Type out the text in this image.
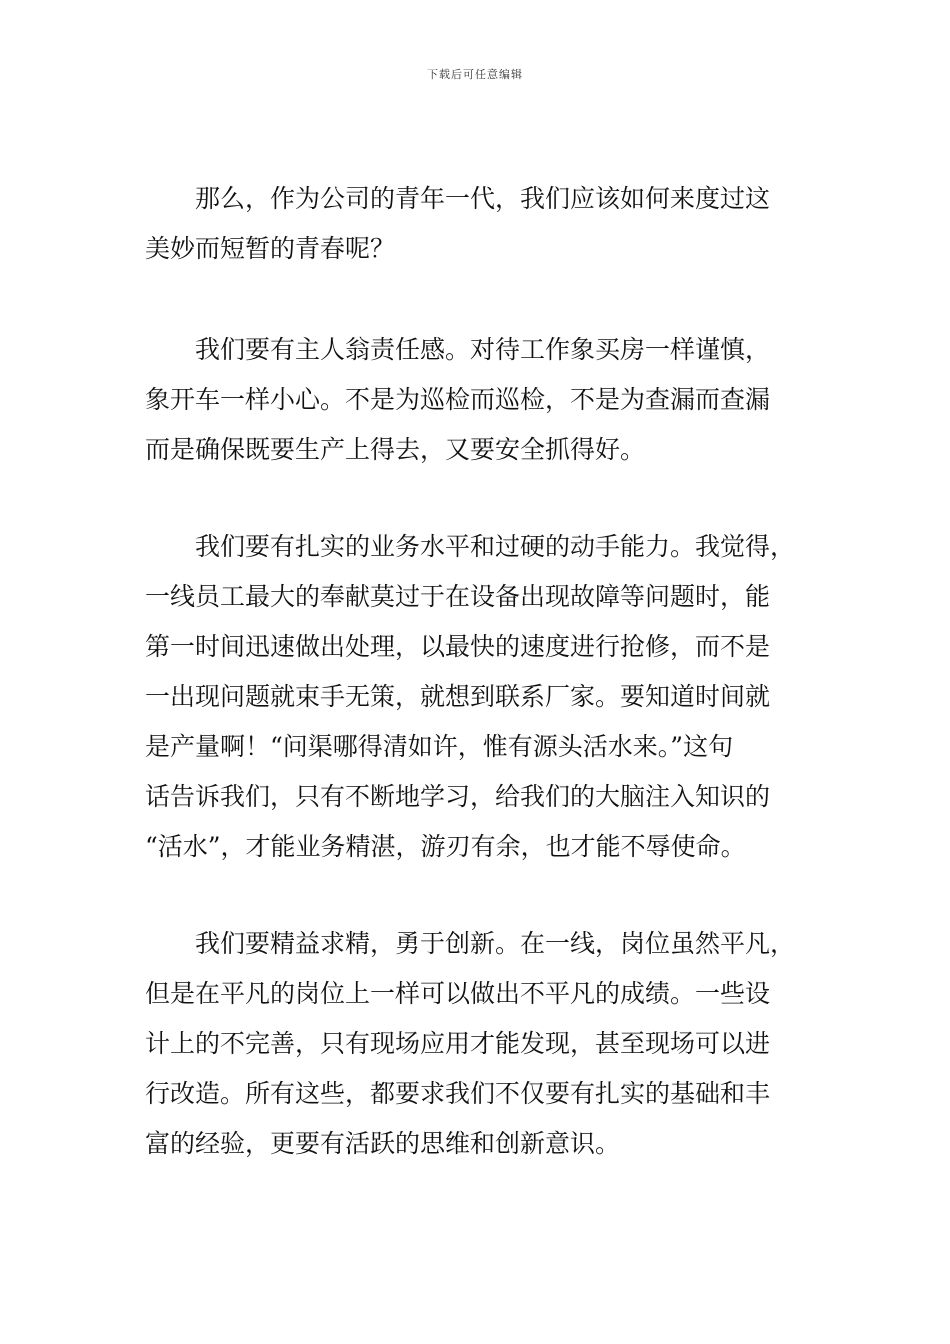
下载后可任意编辑
那么，作为公司的青年一代，我们应该如何来度过这
美妙而短暂的青春呢？
我们要有主人翁责任感。对待工作象买房一样谨慎，
象开车一样小心。不是为巡检而巡检，不是为查漏而查漏
而是确保既要生产上得去，又要安全抓得好。
我们要有扎实的业务水平和过硬的动手能力。我觉得，
一线员工最大的奉献莫过于在设备出现故障等问题时，能
第一时间迅速做出处理，以最快的速度进行抢修，而不是
一出现问题就束手无策，就想到联系厂家。要知道时间就
是产量啊！“问渠哪得清如许，惟有源头活水来。”这句
话告诉我们，只有不断地学习，给我们的大脑注入知识的
“活水”，才能业务精湛，游刃有余，也才能不辱使命。
我们要精益求精，勇于创新。在一线，岗位虽然平凡，
但是在平凡的岗位上一样可以做出不平凡的成绩。一些设
计上的不完善，只有现场应用才能发现，甚至现场可以进
行改造。所有这些，都要求我们不仅要有扎实的基础和丰
富的经验，更要有活跃的思维和创新意识。
